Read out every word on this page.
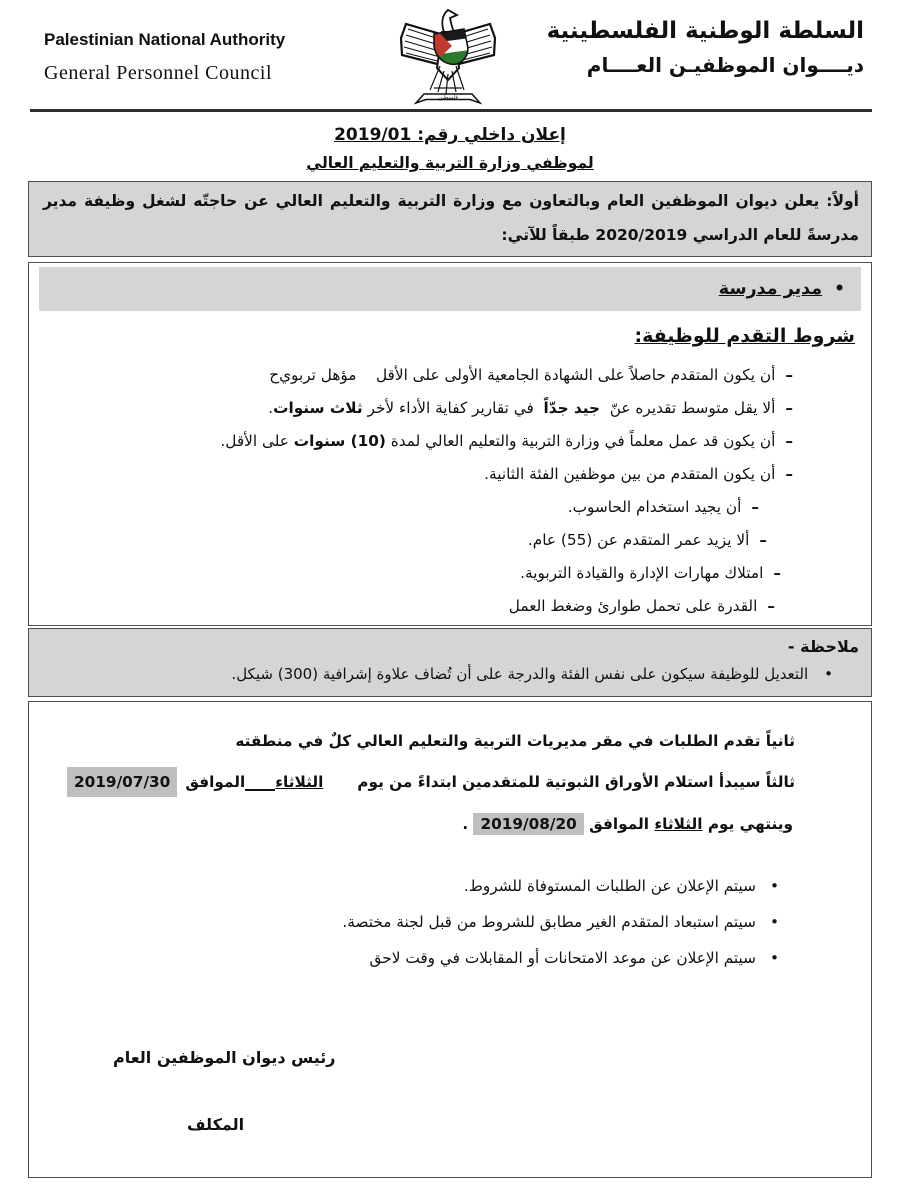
Palestinian National Authority
General Personnel Council
فلسطين
السلطة الوطنية الفلسطينية
ديــــوان الموظفيـن العــــام
إعلان داخلي رقم: 2019/01
لموظفي وزارة التربية والتعليم العالي
أولاً: يعلن ديوان الموظفين العام وبالتعاون مع وزارة التربية والتعليم العالي عن حاجتّه لشغل وظيفة مدير مدرسةً للعام الدراسي 2020/2019 طبقاً للآتي:
•
مدير مدرسة
شروط التقدم للوظيفة:
–
أن يكون المتقدم حاصلاً على الشهادة الجامعية الأولى على الأقل    مؤهل تربوي‌ح
–
ألا يقل متوسط تقديره عنّ  جيد جدّاً  في تقارير كفاية الأداء لأخر ثلاث سنوات.
–
أن يكون قد عمل معلماً في وزارة التربية والتعليم العالي لمدة (10) سنوات على الأقل.
–
أن يكون المتقدم من بين موظفين الفئة الثانية.
–
أن يجيد استخدام الحاسوب.
–
ألا يزيد عمر المتقدم عن (55) عام.
–
امتلاك مهارات الإدارة والقيادة التربوية.
–
القدرة على تحمل طوارئ وضغط العمل
ملاحظة -
•
التعديل للوظيفة سيكون على نفس الفئة والدرجة على أن تُضاف علاوة إشرافية (300) شيكل.
ثانياً تقدم الطلبات في مقر مديريات التربية والتعليم العالي كلٌ في منطقته
ثالثاً سيبدأ استلام الأوراق الثبوتية للمتقدمين ابتداءً من يوم
الثلاثاء
الموافق
2019/07/30
وينتهي يوم الثلاثاء الموافق 2019/08/20 .
•
سيتم الإعلان عن الطلبات المستوفاة للشروط.
•
سيتم استبعاد المتقدم الغير مطابق للشروط من قبل لجنة مختصة.
•
سيتم الإعلان عن موعد الامتحانات أو المقابلات في وقت لاحق
رئيس ديوان الموظفين العام
المكلف
